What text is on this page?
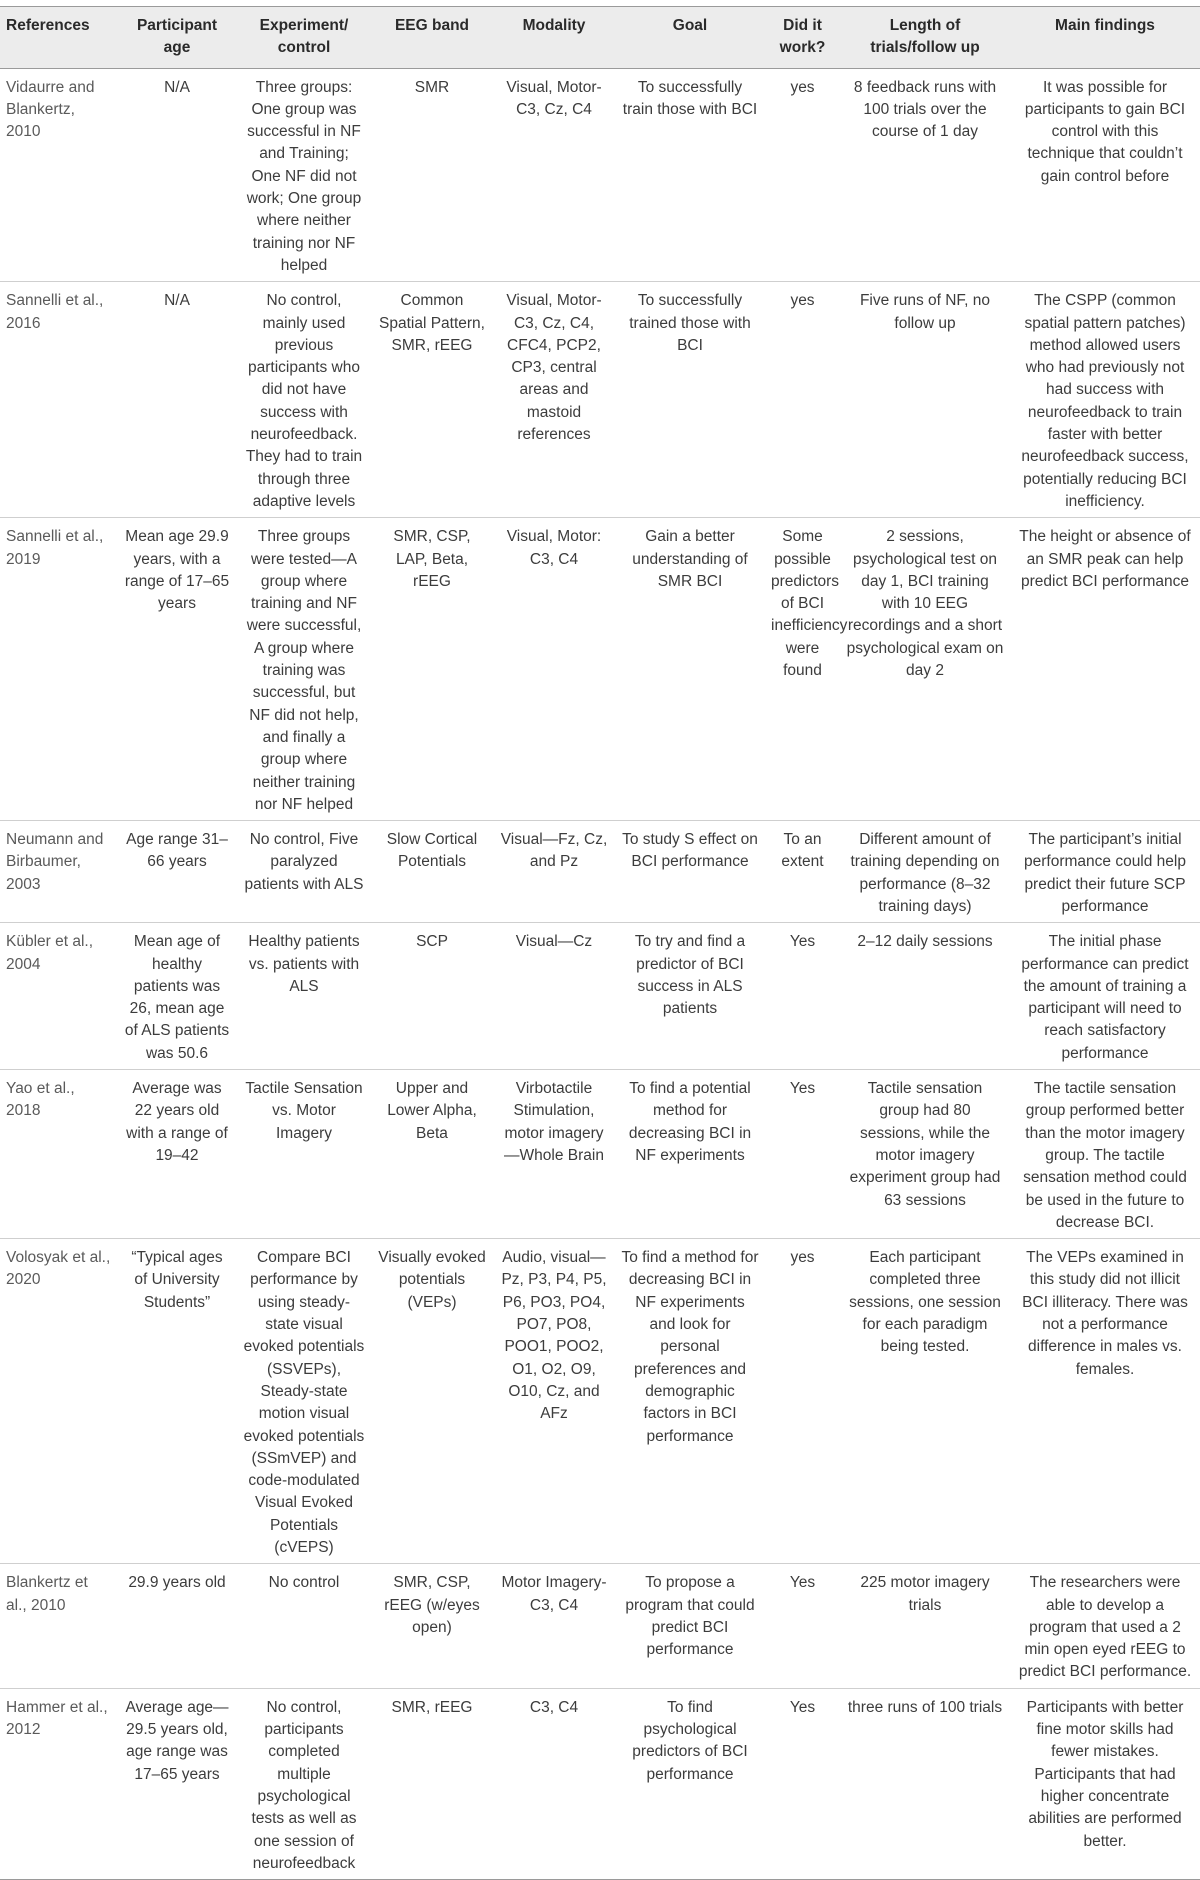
References	Participant age	Experiment/ control	EEG band	Modality	Goal	Did it work?	Length of trials/follow up	Main findings
Vidaurre and Blankertz, 2010	N/A	Three groups: One group was successful in NF and Training; One NF did not work; One group where neither training nor NF helped	SMR	Visual, Motor-C3, Cz, C4	To successfully train those with BCI	yes	8 feedback runs with 100 trials over the course of 1 day	It was possible for participants to gain BCI control with this technique that couldn’t gain control before
Sannelli et al., 2016	N/A	No control, mainly used previous participants who did not have success with neurofeedback. They had to train through three adaptive levels	Common Spatial Pattern, SMR, rEEG	Visual, Motor-C3, Cz, C4, CFC4, PCP2, CP3, central areas and mastoid references	To successfully trained those with BCI	yes	Five runs of NF, no follow up	The CSPP (common spatial pattern patches) method allowed users who had previously not had success with neurofeedback to train faster with better neurofeedback success, potentially reducing BCI inefficiency.
Sannelli et al., 2019	Mean age 29.9 years, with a range of 17–65 years	Three groups were tested—A group where training and NF were successful, A group where training was successful, but NF did not help, and finally a group where neither training nor NF helped	SMR, CSP, LAP, Beta, rEEG	Visual, Motor: C3, C4	Gain a better understanding of SMR BCI	Some possible predictors of BCI inefficiency were found	2 sessions, psychological test on day 1, BCI training with 10 EEG recordings and a short psychological exam on day 2	The height or absence of an SMR peak can help predict BCI performance
Neumann and Birbaumer, 2003	Age range 31–66 years	No control, Five paralyzed patients with ALS	Slow Cortical Potentials	Visual—Fz, Cz, and Pz	To study S effect on BCI performance	To an extent	Different amount of training depending on performance (8–32 training days)	The participant’s initial performance could help predict their future SCP performance
Kübler et al., 2004	Mean age of healthy patients was 26, mean age of ALS patients was 50.6	Healthy patients vs. patients with ALS	SCP	Visual—Cz	To try and find a predictor of BCI success in ALS patients	Yes	2–12 daily sessions	The initial phase performance can predict the amount of training a participant will need to reach satisfactory performance
Yao et al., 2018	Average was 22 years old with a range of 19–42	Tactile Sensation vs. Motor Imagery	Upper and Lower Alpha, Beta	Virbotactile Stimulation, motor imagery—Whole Brain	To find a potential method for decreasing BCI in NF experiments	Yes	Tactile sensation group had 80 sessions, while the motor imagery experiment group had 63 sessions	The tactile sensation group performed better than the motor imagery group. The tactile sensation method could be used in the future to decrease BCI.
Volosyak et al., 2020	“Typical ages of University Students”	Compare BCI performance by using steady-state visual evoked potentials (SSVEPs), Steady-state motion visual evoked potentials (SSmVEP) and code-modulated Visual Evoked Potentials (cVEPS)	Visually evoked potentials (VEPs)	Audio, visual—Pz, P3, P4, P5, P6, PO3, PO4, PO7, PO8, POO1, POO2, O1, O2, O9, O10, Cz, and AFz	To find a method for decreasing BCI in NF experiments and look for personal preferences and demographic factors in BCI performance	yes	Each participant completed three sessions, one session for each paradigm being tested.	The VEPs examined in this study did not illicit BCI illiteracy. There was not a performance difference in males vs. females.
Blankertz et al., 2010	29.9 years old	No control	SMR, CSP, rEEG (w/eyes open)	Motor Imagery-C3, C4	To propose a program that could predict BCI performance	Yes	225 motor imagery trials	The researchers were able to develop a program that used a 2 min open eyed rEEG to predict BCI performance.
Hammer et al., 2012	Average age—29.5 years old, age range was 17–65 years	No control, participants completed multiple psychological tests as well as one session of neurofeedback	SMR, rEEG	C3, C4	To find psychological predictors of BCI performance	Yes	three runs of 100 trials	Participants with better fine motor skills had fewer mistakes. Participants that had higher concentrate abilities are performed better.
